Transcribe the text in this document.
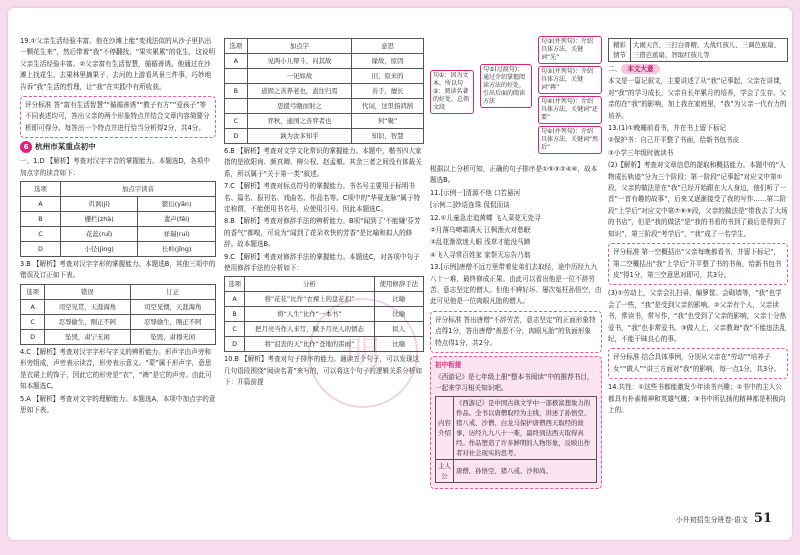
明

19.①父亲生活经验丰富。他在沙滩上能“变戏法似的从沙子里扒出一颗花生来”，然后带着“我”不停翻找，“果实累累”的花生，这说明父亲生活经验丰富。②父亲富有生活智慧，循循善诱。他通过在沙滩上找花生、去果林里摘果子、去河的上游看风景三件事，巧妙地告诉“我”生活的哲理，让“我”在实践中有所收获。

评分标准 答“富有生活智慧”“循循善诱”“教子有方”“爱孩子”等不同表述均可，答出父亲的两个形象特点并结合文章内容简要分析即可得分。每答出一个特点并进行恰当分析得2分，共4分。
6 杭州市某重点初中

一、1.D 【解析】考查对汉字字音的掌握能力。本题选D，各项中加点字的读音如下：

选项	加点字读音	
A	讥讽(jī)	繁衍(yǎn)
B	栅栏(zhà)	蜚声(fēi)
C	花蕊(ruǐ)	祥瑞(ruì)
D	小径(jìng)	长岭(jǐng)

3.B 【解析】考查对汉字字形的掌握能力。本题选B，其他三项中的错误及订正如下表。

选项	错误	订正
A	司空见贯，天涯海角	司空见惯，天涯海角
C	忍辱偷生，刚正不阿	忍辱偷生，刚正不阿
D	坠毁，肃宁无闲	坠毁，肃穆无闲

4.C 【解析】考查对汉字字形与字义的辨析能力。形声字由声旁和形旁组成，声旁表示读音，形旁表示意义。“蒙”属于形声字，意思是衣裙上的饰子，因此它的形旁是“衣”，“裤”是它的声旁。由此可知本题选C。

5.A 【解析】考查对文字的理解能力。本题选A，本项中加点字的意思如下表。

选项	加点字	意思
A	见两小儿辩斗，问其故	缘故，原因
	一见如故	旧，原来的
B	道固之善养老也，盍往归焉	善于，擅长
	思援弓缴而射之	代词，这里指鸿鹄
C	弈秋，通国之善弈者也	何“聚”
D	孰为汝多知乎	知识，智慧

6.B 【解析】考查对文学文化常识的掌握能力。本题中，楷书四大家指的是欧阳询、颜真卿、柳公权、赵孟頫。其余三者之间没有体裁关系，所以属于“关于第一类”叙述。

7.C 【解析】考查对标点符号的掌握能力。书名号主要用于标明书名、篇名、报刊名、戏曲名、作品名等。C项中的“华夏龙脉”属于特定称谓，不能使用书名号，应使用引号。因此本题选C。

8.B 【解析】考查对修辞手法的辨析能力。B项“闻到了‘不能嫌’芬芳的香气”都嗅，可说为“闻到了花朵欢快的芳香”是比喻和拟人的修辞。故本题选B。

9.C 【解析】考查对修辞手法的掌握能力。本题选C，对各项中句子使用修辞手法的分析如下：

选项	分析	使用修辞手法
A	将“花花”比作“衣裸上的盘花扣”	比喻
B	将“人生”比作“一本书”	比喻
C	把月亮当作人来写，赋予月亮人的情态	拟人
D	将“沮丧的天”比作“苍地的雷雨”	比喻

10.B 【解析】考查对句子排序的能力。通读五个句子，可以发现这几句语段围绕“阅读名著”来写的，可以将这个句子的逻辑关系分析如下：开篇前提

句①：因为文本，所以句②：阅读名著的好处，总领文段
句⑤(过渡句)：通过介绍掌握阅读方法的好处，引出后面的阅读方法
句③(并列句)：介绍具体方法，关键词“先”
句②(并列句)：介绍具体方法，关键词“再”
句④(并列句)：介绍具体方法，关键词“还要”
句⑥(并列句)：介绍具体方法，关键词“然后”

根据以上分析可知，正确的句子排序是①⑤③②④⑥，故本题选B。

11.[示例一]清源不他 口若悬河

[示例二]妙语连珠 侃侃而谈

12.①儿童急走追黄蝶 飞入菜花无处寻

②月落乌啼霜满天 江枫渔火对愁眠

③乱花渐欲迷人眼 浅草才能没马蹄

④飞入寻常百姓家 家祭无忘告乃翁

13.[示例]唐僧不远万里带着徒弟们去取经，途中历经九九八十一难，最终修成正果。由此可以看出他是一位不辞劳苦、意志坚定的僧人。但他不辨好坏、屡次冤枉孙悟空，由此可见他是一位肉眼凡胎的僧人。

评分标准 答出唐僧“不辞劳苦，意志坚定”的正面形象特点得1分，答出唐僧“善恶不分，肉眼凡胎”的负面形象特点得1分，共2分。
初中衔接
《西游记》是七年级上册“整本书阅读”中的推荐书目，一起来学习相关知识吧。
内容介绍	《西游记》是中国古典文学中一部极富想象力的作品。全书以唐僧取经为主线，讲述了孙悟空、猪八戒、沙僧、白龙马保护唐僧西天取经的故事，历经九九八十一难，最终到达西天取得真经。作品塑造了许多鲜明的人物形象，反映出作者对社会现实的思考。
主人公	唐僧、孙悟空、猪八戒、沙和尚。
精彩情节	大闹天宫、三打白骨精、大战红孩儿、三调芭蕉扇、三借芭蕉扇、智取红孩儿等

二、 本文大意

本文是一篇记叙文，主要讲述了从“我”记事起，父亲在讲课，对“我”的学习成长，父亲自长年累月的培养，学会了生存。父亲的在“我”的影响，加上我在家庭里，“我”为父亲一代有力的培养。

13.(1)①晚睡前看书，并在书上留下标记

②保护书：自己开平整了书面，给新书包书皮

③小学三年级时就读书

(2)【解析】考查对文章信息的提取和概括能力。本题中的“人物成长轨迹”分为三个阶段：第一阶段“记事起”对应文中第①段，父亲的做法是在“我”已经开始跟在大人身边，他们听了一首“一首有趣的故事”，后来又逐渐接受了我的写作……第二阶段“上学后”对应文中第⑦⑧⑨段，父亲的做法是“带我去了大场的书店”，但是“我的做法”是“我的书看的书到了最后是得到了知识”，第三阶段“考学后”，“我”成了一名学生。

评分标准 第一空概括出“父亲每晚都看书，并留下标记”，第二空概括出“我”上学后“开平整了书的书角，给新书包书皮”得1分，第三空意思对即可，共3分。

(3)①劳动上，父亲会扎扫帚、编箩筐、会砌墙等，“我”也学会了一些，“我”是受到父亲的影响。②父亲有个人，父亲读书，常读书，常写作，“我”也受到了父亲的影响，父亲十分热爱书，“我”也非常爱书。③做人上，父亲教诲“我”不能违法乱纪，不能干昧良心的事。

评分标准 结合具体事例，分别从父亲在“劳动”“培养子女”“做人”“讲三方面对”我“的影响，每一点1分，共3分。

14.共性：①这些书都能激发少年读书兴趣；②书中的主人公都具有朴素精神和英雄气概；③书中所弘扬的精神都是积极向上的。

小升初招生分班卷·语文 51
